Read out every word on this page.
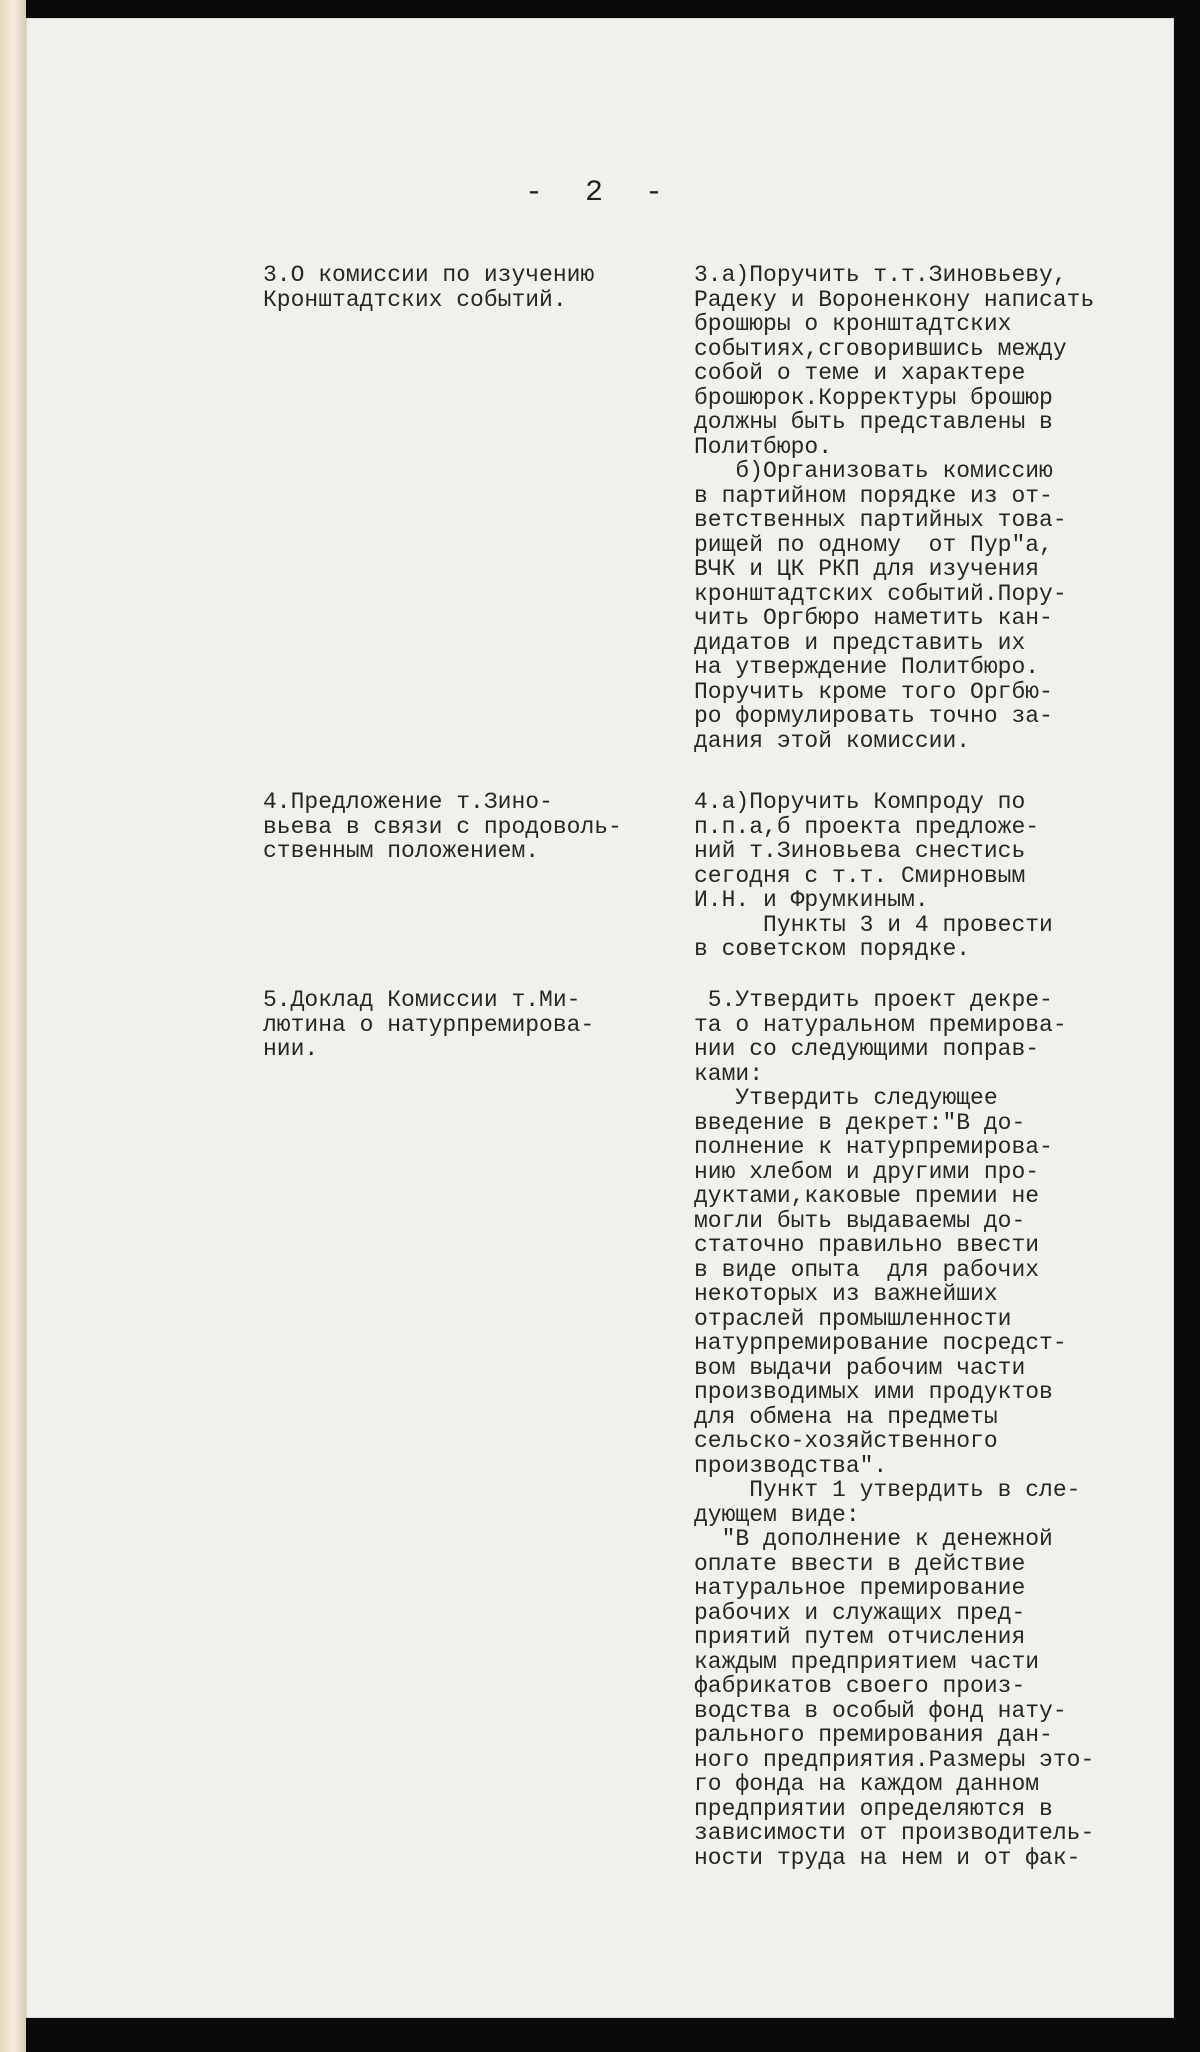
- 2 -
3.О комиссии по изучению
Кронштадтских событий.
3.а)Поручить т.т.Зиновьеву,
Радеку и Вороненкону написать
брошюры о кронштадтских
событиях,сговорившись между
собой о теме и характере
брошюрок.Корректуры брошюр
должны быть представлены в
Политбюро.
б)Организовать комиссию
в партийном порядке из от-
ветственных партийных това-
рищей по одному  от Пур"а,
ВЧК и ЦК РКП для изучения
кронштадтских событий.Пору-
чить Оргбюро наметить кан-
дидатов и представить их
на утверждение Политбюро.
Поручить кроме того Оргбю-
ро формулировать точно за-
дания этой комиссии.
4.Предложение т.Зино-
вьева в связи с продоволь-
ственным положением.
4.а)Поручить Компроду по
п.п.а,б проекта предложе-
ний т.Зиновьева снестись
сегодня с т.т. Смирновым
И.Н. и Фрумкиным.
Пункты 3 и 4 провести
в советском порядке.
5.Доклад Комиссии т.Ми-
лютина о натурпремирова-
нии.
5.Утвердить проект декре-
та о натуральном премирова-
нии со следующими поправ-
ками:
Утвердить следующее
введение в декрет:"В до-
полнение к натурпремирова-
нию хлебом и другими про-
дуктами,каковые премии не
могли быть выдаваемы до-
статочно правильно ввести
в виде опыта  для рабочих
некоторых из важнейших
отраслей промышленности
натурпремирование посредст-
вом выдачи рабочим части
производимых ими продуктов
для обмена на предметы
сельско-хозяйственного
производства".
Пункт 1 утвердить в сле-
дующем виде:
"В дополнение к денежной
оплате ввести в действие
натуральное премирование
рабочих и служащих пред-
приятий путем отчисления
каждым предприятием части
фабрикатов своего произ-
водства в особый фонд нату-
рального премирования дан-
ного предприятия.Размеры это-
го фонда на каждом данном
предприятии определяются в
зависимости от производитель-
ности труда на нем и от фак-
